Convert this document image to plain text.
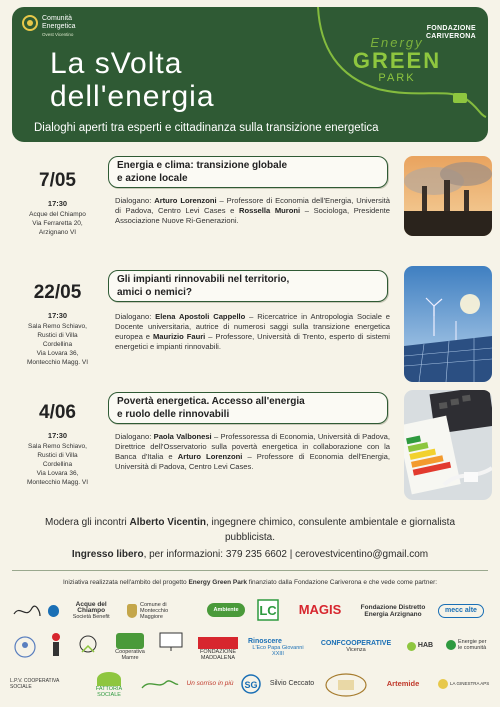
Comunità
Energetica
Ovest Vicentino
FONDAZIONE
CARIVERONA
La sVolta
dell'energia
Energy
GREEN
PARK
Dialoghi aperti tra esperti e cittadinanza sulla transizione energetica
7/05
17:30
Acque del Chiampo
Via Ferraretta 20,
Arzignano VI
Energia e clima: transizione globale
e azione locale
Dialogano: Arturo Lorenzoni – Professore di Economia dell'Energia, Università di Padova, Centro Levi Cases e Rossella Muroni – Sociologa, Presidente Associazione Nuove Ri-Generazioni.
22/05
17:30
Sala Remo Schiavo,
Rustici di Villa
Cordellina
Via Lovara 36,
Montecchio Magg. VI
Gli impianti rinnovabili nel territorio,
amici o nemici?
Dialogano: Elena Apostoli Cappello – Ricercatrice in Antropologia Sociale e Docente universitaria, autrice di numerosi saggi sulla transizione energetica europea e Maurizio Fauri – Professore, Università di Trento, esperto di sistemi energetici e impianti rinnovabili.
4/06
17:30
Sala Remo Schiavo,
Rustici di Villa
Cordellina
Via Lovara 36,
Montecchio Magg. VI
Povertà energetica. Accesso all'energia
e ruolo delle rinnovabili
Dialogano: Paola Valbonesi – Professoressa di Economia, Università di Padova, Direttrice dell'Osservatorio sulla povertà energetica in collaborazione con la Banca d'Italia e Arturo Lorenzoni – Professore di Economia dell'Energia, Università di Padova, Centro Levi Cases.
Modera gli incontri Alberto Vicentin, ingegnere chimico, consulente ambientale e giornalista pubblicista.
Ingresso libero, per informazioni: 379 235 6602 | cerovestvicentino@gmail.com
Iniziativa realizzata nell'ambito del progetto Energy Green Park finanziato dalla Fondazione Cariverona e che vede come partner:
Acque del Chiampo
Società Benefit
Comune di Montecchio Maggiore
Ambiente	LC MAGIS	Fondazione Distretto Energia Arzignano
mecc alte
Cooperativa Mamre
FONDAZIONE MADDALENA
Rinoscere
L'Eco Papa Giovanni XXIII
CONFCOOPERATIVE
Vicenza
HAB	Energie per le comunità
L.P.V. COOPERATIVA SOCIALE	FATTORIA SOCIALE
Un sorriso in più SG Silvio Ceccato	Artemide	LA GINESTRA APS
